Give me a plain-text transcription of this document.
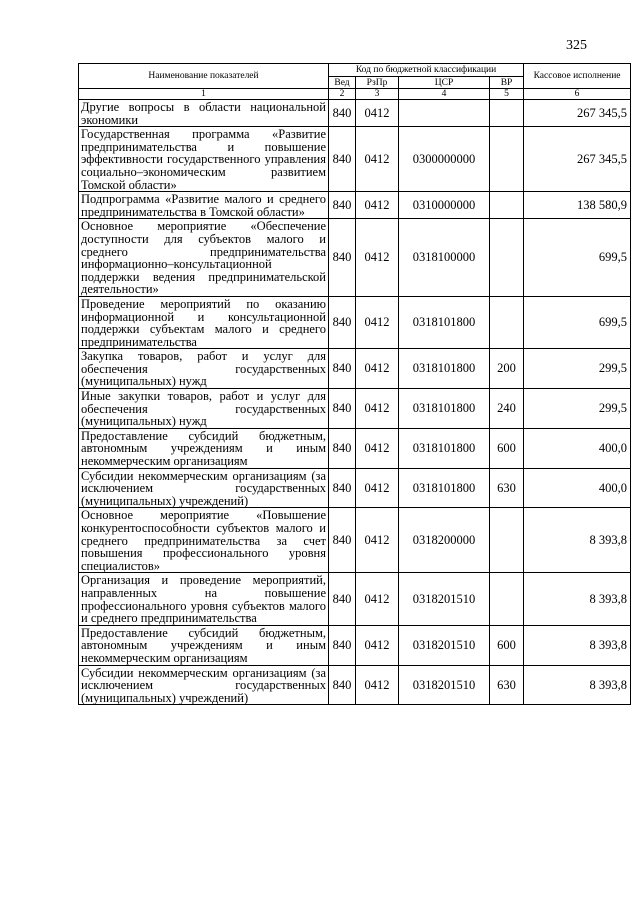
325
Наименование показателей	Код по бюджетной классификации				Кассовое исполнение
	Вед	РзПр	ЦСР	ВР	
1	2	3	4	5	6
Другие вопросы в области национальной экономики	840	0412			267 345,5
Государственная программа «Развитие предпринимательства и повышение эффективности государственного управления социально–экономическим развитием Томской области»	840	0412	0300000000		267 345,5
Подпрограмма «Развитие малого и среднего предпринимательства в Томской области»	840	0412	0310000000		138 580,9
Основное мероприятие «Обеспечение доступности для субъектов малого и среднего предпринимательства информационно–консультационной поддержки ведения предпринимательской деятельности»	840	0412	0318100000		699,5
Проведение мероприятий по оказанию информационной и консультационной поддержки субъектам малого и среднего предпринимательства	840	0412	0318101800		699,5
Закупка товаров, работ и услуг для обеспечения государственных (муниципальных) нужд	840	0412	0318101800	200	299,5
Иные закупки товаров, работ и услуг для обеспечения государственных (муниципальных) нужд	840	0412	0318101800	240	299,5
Предоставление субсидий бюджетным, автономным учреждениям и иным некоммерческим организациям	840	0412	0318101800	600	400,0
Субсидии некоммерческим организациям (за исключением государственных (муниципальных) учреждений)	840	0412	0318101800	630	400,0
Основное мероприятие «Повышение конкурентоспособности субъектов малого и среднего предпринимательства за счет повышения профессионального уровня специалистов»	840	0412	0318200000		8 393,8
Организация и проведение мероприятий, направленных на повышение профессионального уровня субъектов малого и среднего предпринимательства	840	0412	0318201510		8 393,8
Предоставление субсидий бюджетным, автономным учреждениям и иным некоммерческим организациям	840	0412	0318201510	600	8 393,8
Субсидии некоммерческим организациям (за исключением государственных (муниципальных) учреждений)	840	0412	0318201510	630	8 393,8
